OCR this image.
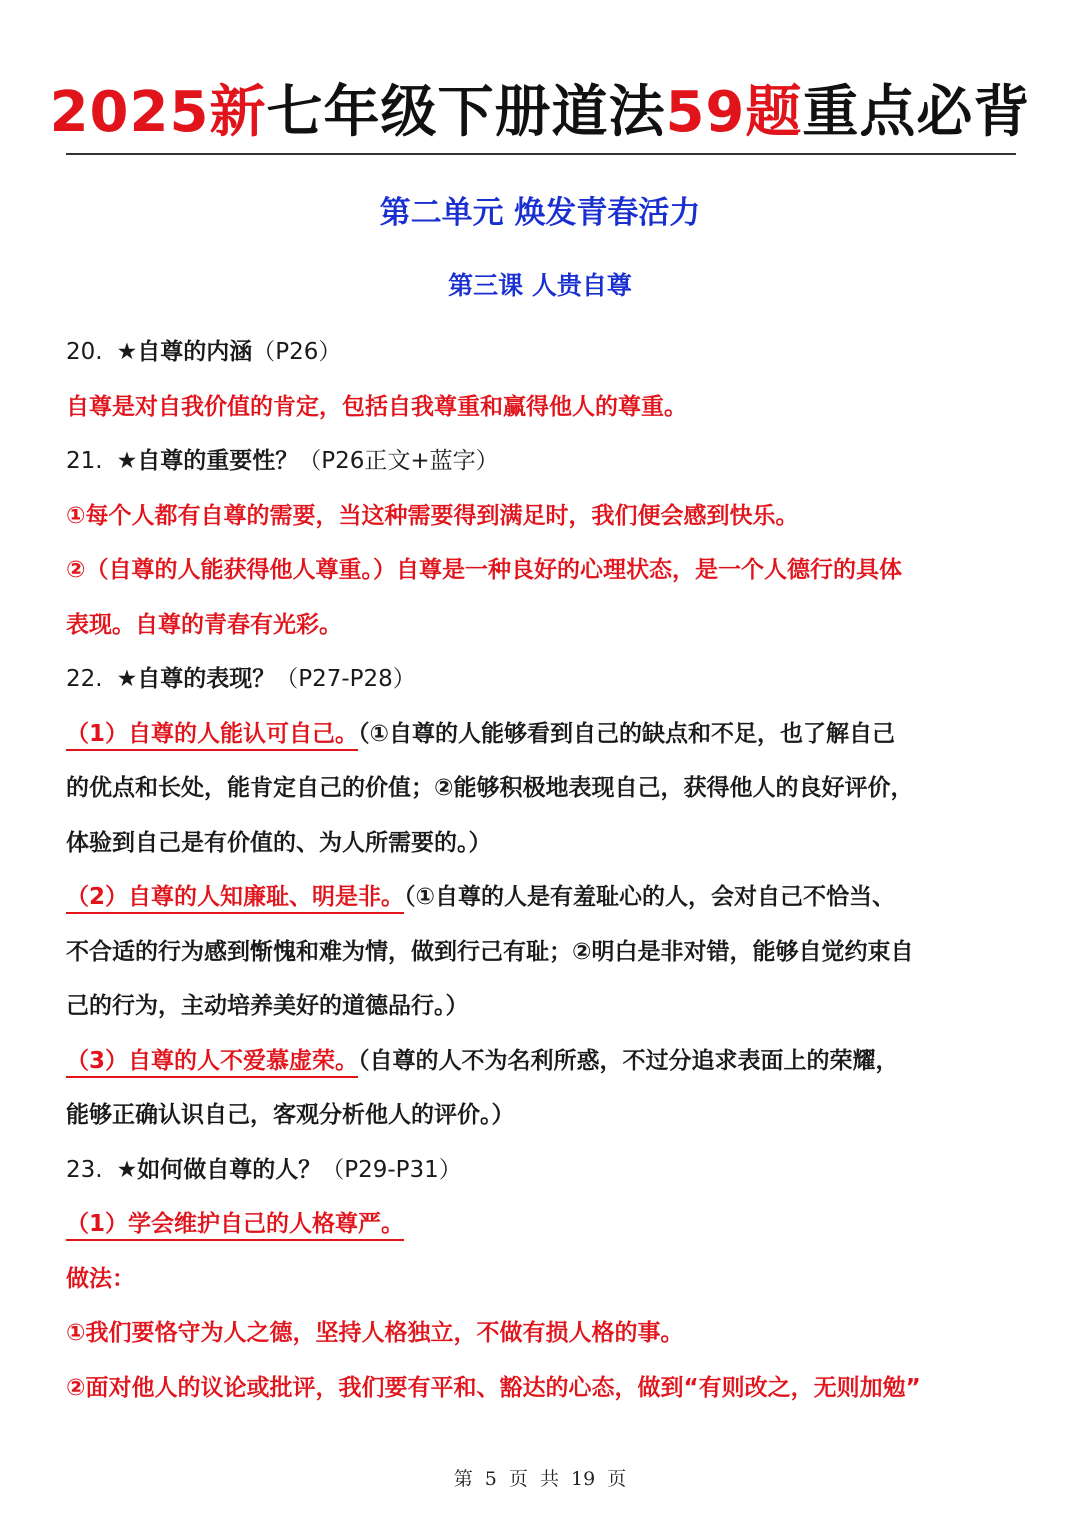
2025新七年级下册道法59题重点必背
第二单元 焕发青春活力
第三课 人贵自尊
20. ★自尊的内涵（P26）
自尊是对自我价值的肯定，包括自我尊重和赢得他人的尊重。
21. ★自尊的重要性？（P26正文+蓝字）
①每个人都有自尊的需要，当这种需要得到满足时，我们便会感到快乐。
②（自尊的人能获得他人尊重。）自尊是一种良好的心理状态，是一个人德行的具体
表现。自尊的青春有光彩。
22. ★自尊的表现？（P27-P28）
（1）自尊的人能认可自己。（①自尊的人能够看到自己的缺点和不足，也了解自己
的优点和长处，能肯定自己的价值；②能够积极地表现自己，获得他人的良好评价，
体验到自己是有价值的、为人所需要的。）
（2）自尊的人知廉耻、明是非。（①自尊的人是有羞耻心的人，会对自己不恰当、
不合适的行为感到惭愧和难为情，做到行己有耻；②明白是非对错，能够自觉约束自
己的行为，主动培养美好的道德品行。）
（3）自尊的人不爱慕虚荣。（自尊的人不为名利所惑，不过分追求表面上的荣耀，
能够正确认识自己，客观分析他人的评价。）
23. ★如何做自尊的人？（P29-P31）
（1）学会维护自己的人格尊严。
做法：
①我们要恪守为人之德，坚持人格独立，不做有损人格的事。
②面对他人的议论或批评，我们要有平和、豁达的心态，做到“有则改之，无则加勉”
第 5 页 共 19 页
